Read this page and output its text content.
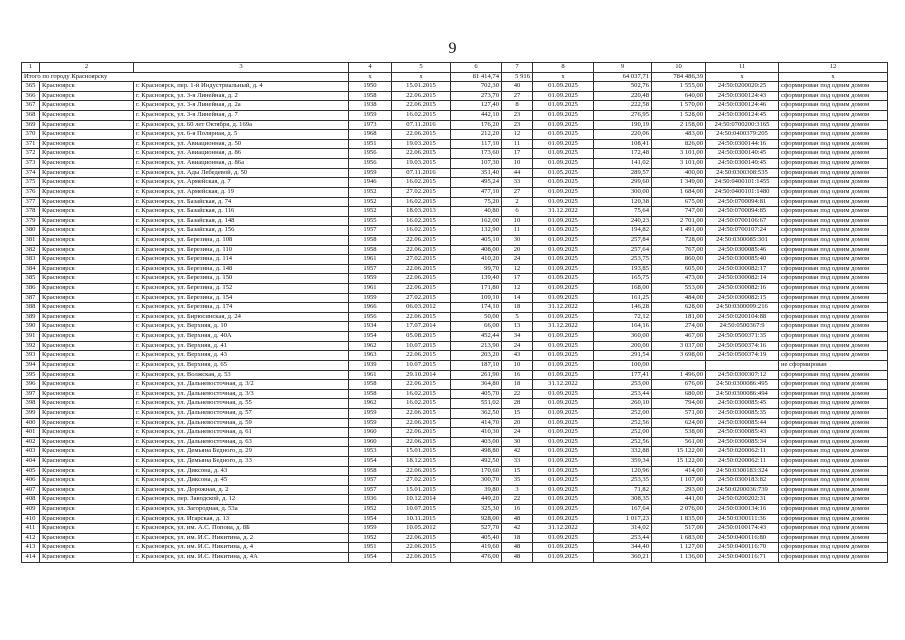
9
1	2	3	4	5	6	7	8	9	10	11	12
Итого по городу Красноярску			x	x	81 414,74	5 916	x	64 037,71	784 486,39	x	x
365	Красноярск	г. Красноярск, пер. 1-й Индустриальный, д. 4	1950	15.01.2015	702,30	40	01.09.2025	502,76	1 555,00	24:50:0200020:25	сформирован под одним домом
366	Красноярск	г. Красноярск, ул. 3-я Линейная, д. 2	1958	22.06.2015	273,70	27	01.09.2025	220,48	640,00	24:50:0300124:43	сформирован под одним домом
367	Красноярск	г. Красноярск, ул. 3-я Линейная, д. 2а	1938	22.06.2015	127,40	8	01.09.2025	222,58	1 570,00	24:50:0300124:46	сформирован под одним домом
368	Красноярск	г. Красноярск, ул. 3-я Линейная, д. 7	1959	16.02.2015	442,10	23	01.09.2025	276,95	1 528,00	24:50:0300124:45	сформирован под одним домом
369	Красноярск	г. Красноярск, ул. 60 лет Октября, д. 169а	1973	07.11.2016	176,20	23	01.09.2025	190,19	2 158,00	24:50:0700200:3165	сформирован под одним домом
370	Красноярск	г. Красноярск, ул. 6-я Полярная, д. 5	1968	22.06.2015	212,20	12	01.09.2025	220,06	483,00	24:50:0400379:205	сформирован под одним домом
371	Красноярск	г. Красноярск, ул. Авиационная, д. 50	1951	19.03.2015	117,10	11	01.09.2025	108,41	826,00	24:50:0300144:16	сформирован под одним домом
372	Красноярск	г. Красноярск, ул. Авиационная, д. 86	1956	22.06.2015	173,60	17	01.09.2025	172,48	3 101,00	24:50:0300140:45	сформирован под одним домом
373	Красноярск	г. Красноярск, ул. Авиационная, д. 86а	1956	19.03.2015	107,30	10	01.09.2025	141,02	3 101,00	24:50:0300140:45	сформирован под одним домом
374	Красноярск	г. Красноярск, ул. Ады Лебедевой, д. 50	1959	07.11.2016	351,40	44	01.05.2025	289,57	400,00	24:50:0300308:535	сформирован под одним домом
375	Красноярск	г. Красноярск, ул. Армейская, д. 7	1946	16.02.2015	495,24	33	01.09.2025	299,60	1 349,00	24:50:0400101:1455	сформирован под одним домом
376	Красноярск	г. Красноярск, ул. Армейская, д. 19	1952	27.02.2015	477,10	27	01.09.2025	300,00	1 684,00	24:50:0400101:1480	сформирован под одним домом
377	Красноярск	г. Красноярск, ул. Базайская, д. 74	1952	16.02.2015	75,20	2	01.09.2025	120,38	675,00	24:50:0700094:81	сформирован под одним домом
378	Красноярск	г. Красноярск, ул. Базайская, д. 116	1952	18.03.2013	40,80	6	31.12.2022	75,64	747,00	24:50:0700094:85	сформирован под одним домом
379	Красноярск	г. Красноярск, ул. Базайская, д. 148	1955	16.02.2015	162,00	10	01.09.2025	240,23	2 701,00	24:50:0700106:67	сформирован под одним домом
380	Красноярск	г. Красноярск, ул. Базайская, д. 156	1957	16.02.2015	132,90	11	01.09.2025	194,82	1 491,00	24:50:0700107:24	сформирован под одним домом
381	Красноярск	г. Красноярск, ул. Березина, д. 108	1958	22.06.2015	405,10	30	01.09.2025	257,84	728,00	24:50:0300085:301	сформирован под одним домом
382	Красноярск	г. Красноярск, ул. Березина, д. 110	1958	22.06.2015	408,00	20	01.09.2025	257,64	767,00	24:50:0300085:46	сформирован под одним домом
383	Красноярск	г. Красноярск, ул. Березина, д. 114	1961	27.02.2015	410,20	24	01.09.2025	253,75	860,00	24:50:0300085:40	сформирован под одним домом
384	Красноярск	г. Красноярск, ул. Березина, д. 148	1957	22.06.2015	99,70	12	01.09.2025	193,85	605,00	24:50:0300082:17	сформирован под одним домом
385	Красноярск	г. Красноярск, ул. Березина, д. 150	1959	22.06.2015	139,40	17	01.09.2025	165,75	473,00	24:50:0300082:14	сформирован под одним домом
386	Красноярск	г. Красноярск, ул. Березина, д. 152	1961	22.06.2015	171,80	12	01.09.2025	168,00	553,00	24:50:0300082:16	сформирован под одним домом
387	Красноярск	г. Красноярск, ул. Березина, д. 154	1959	27.02.2015	109,10	14	01.09.2025	161,25	484,00	24:50:0300082:15	сформирован под одним домом
388	Красноярск	г. Красноярск, ул. Березина, д. 174	1966	06.03.2012	174,10	18	31.12.2022	146,28	628,00	24:50:0300099:216	сформирован под одним домом
389	Красноярск	г. Красноярск, ул. Бирюсинская, д. 24	1956	22.06.2015	50,00	5	01.09.2025	72,12	181,00	24:50:0200104:88	сформирован под одним домом
390	Красноярск	г. Красноярск, ул. Верхняя, д. 10	1934	17.07.2014	66,00	13	31.12.2022	164,16	274,00	24:50:0500367:9	сформирован под одним домом
391	Красноярск	г. Красноярск, ул. Верхняя, д. 40А	1954	05.08.2015	452,44	34	01.09.2025	360,00	467,00	24:50:0500371:35	сформирован под одним домом
392	Красноярск	г. Красноярск, ул. Верхняя, д. 41	1962	10.07.2015	213,90	24	01.09.2025	200,00	3 037,00	24:50:0500374:16	сформирован под одним домом
393	Красноярск	г. Красноярск, ул. Верхняя, д. 43	1963	22.06.2015	203,20	43	01.09.2025	291,54	3 698,00	24:50:0500374:19	сформирован под одним домом
394	Красноярск	г. Красноярск, ул. Верхняя, д. 65	1939	10.07.2015	187,10	10	01.09.2025	100,00			не сформирован
395	Красноярск	г. Красноярск, ул. Волжская, д. 53	1961	29.10.2014	261,90	16	01.09.2025	177,41	1 496,00	24:50:0300307:12	сформирован под одним домом
396	Красноярск	г. Красноярск, ул. Дальневосточная, д. 3/2	1958	22.06.2015	364,80	18	31.12.2022	253,00	676,00	24:50:0300086:495	сформирован под одним домом
397	Красноярск	г. Красноярск, ул. Дальневосточная, д. 3/3	1958	16.02.2015	405,70	22	01.09.2025	253,44	680,00	24:50:0300086:494	сформирован под одним домом
398	Красноярск	г. Красноярск, ул. Дальневосточная, д. 55	1962	16.02.2015	551,02	28	01.09.2025	260,10	794,00	24:50:0300085:45	сформирован под одним домом
399	Красноярск	г. Красноярск, ул. Дальневосточная, д. 57	1959	22.06.2015	362,50	15	01.09.2025	252,00	571,00	24:50:0300085:35	сформирован под одним домом
400	Красноярск	г. Красноярск, ул. Дальневосточная, д. 59	1959	22.06.2015	414,70	20	01.09.2025	252,56	624,00	24:50:0300085:44	сформирован под одним домом
401	Красноярск	г. Красноярск, ул. Дальневосточная, д. 61	1960	22.06.2015	410,30	24	01.09.2025	252,00	538,00	24:50:0300085:43	сформирован под одним домом
402	Красноярск	г. Красноярск, ул. Дальневосточная, д. 63	1960	22.06.2015	403,00	30	01.09.2025	252,56	561,00	24:50:0300085:34	сформирован под одним домом
403	Красноярск	г. Красноярск, ул. Демьяна Бедного, д. 29	1953	15.01.2015	498,80	42	01.09.2025	332,88	15 122,00	24:50:0200062:11	сформирован под одним домом
404	Красноярск	г. Красноярск, ул. Демьяна Бедного, д. 33	1954	18.12.2015	492,50	33	01.09.2025	359,34	15 122,00	24:50:0200062:11	сформирован под одним домом
405	Красноярск	г. Красноярск, ул. Диксона, д. 43	1958	22.06.2015	170,60	15	01.09.2025	120,96	414,00	24:50:0300183:324	сформирован под одним домом
406	Красноярск	г. Красноярск, ул. Диксона, д. 45	1957	27.02.2015	300,70	35	01.09.2025	253,35	1 107,00	24:50:0300183:82	сформирован под одним домом
407	Красноярск	г. Красноярск, ул. Дорожная, д. 2	1957	15.01.2015	39,80	3	01.09.2025	71,82	293,00	24:50:0200036:739	сформирован под одним домом
408	Красноярск	г. Красноярск, пер. Заводской, д. 12	1936	10.12.2014	449,20	22	01.09.2025	308,35	441,00	24:50:0200202:31	сформирован под одним домом
409	Красноярск	г. Красноярск, ул. Загородная, д. 53а	1952	10.07.2015	325,30	16	01.09.2025	167,64	2 076,00	24:50:0300134:16	сформирован под одним домом
410	Красноярск	г. Красноярск, ул. Игарская, д. 13	1954	10.11.2015	928,00	48	01.09.2025	1 017,23	1 835,00	24:50:0300111:36	сформирован под одним домом
411	Красноярск	г. Красноярск, ул. им. А.С. Попова, д. 8Б	1959	10.05.2012	527,70	42	31.12.2022	314,02	517,00	24:50:0100174:43	сформирован под одним домом
412	Красноярск	г. Красноярск, ул. им. И.С. Никитина, д. 2	1952	22.06.2015	405,40	18	01.09.2025	253,44	1 683,00	24:50:0400116:80	сформирован под одним домом
413	Красноярск	г. Красноярск, ул. им. И.С. Никитина, д. 4	1951	22.06.2015	419,60	48	01.09.2025	344,40	1 127,00	24:50:0400116:70	сформирован под одним домом
414	Красноярск	г. Красноярск, ул. им. И.С. Никитина, д. 4А	1954	22.06.2015	476,00	48	01.09.2025	360,21	1 136,00	24:50:0400116:71	сформирован под одним домом
